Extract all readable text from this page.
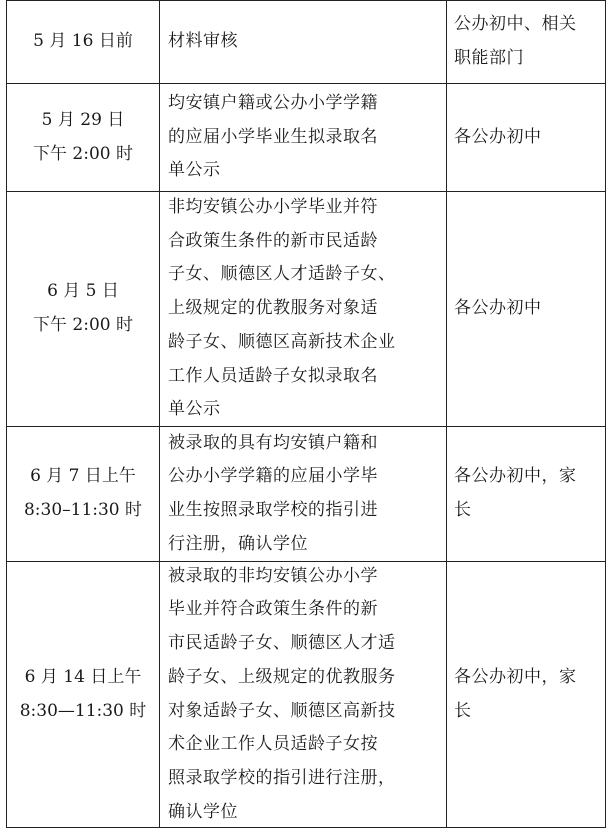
5 月 16 日前 材料审核
公办初中、相关
职能部门
5 月 29 日
下午 2:00 时
均安镇户籍或公办小学学籍
的应届小学毕业生拟录取名
单公示
各公办初中
6 月 5 日
下午 2:00 时
非均安镇公办小学毕业并符
合政策生条件的新市民适龄
子女、顺德区人才适龄子女、
上级规定的优教服务对象适
龄子女、顺德区高新技术企业
工作人员适龄子女拟录取名
单公示
各公办初中
6 月 7 日上午
8:30–11:30 时
被录取的具有均安镇户籍和
公办小学学籍的应届小学毕
业生按照录取学校的指引进
行注册，确认学位
各公办初中，家
长
6 月 14 日上午
8:30—11:30 时
被录取的非均安镇公办小学
毕业并符合政策生条件的新
市民适龄子女、顺德区人才适
龄子女、上级规定的优教服务
对象适龄子女、顺德区高新技
术企业工作人员适龄子女按
照录取学校的指引进行注册，
确认学位
各公办初中，家
长
